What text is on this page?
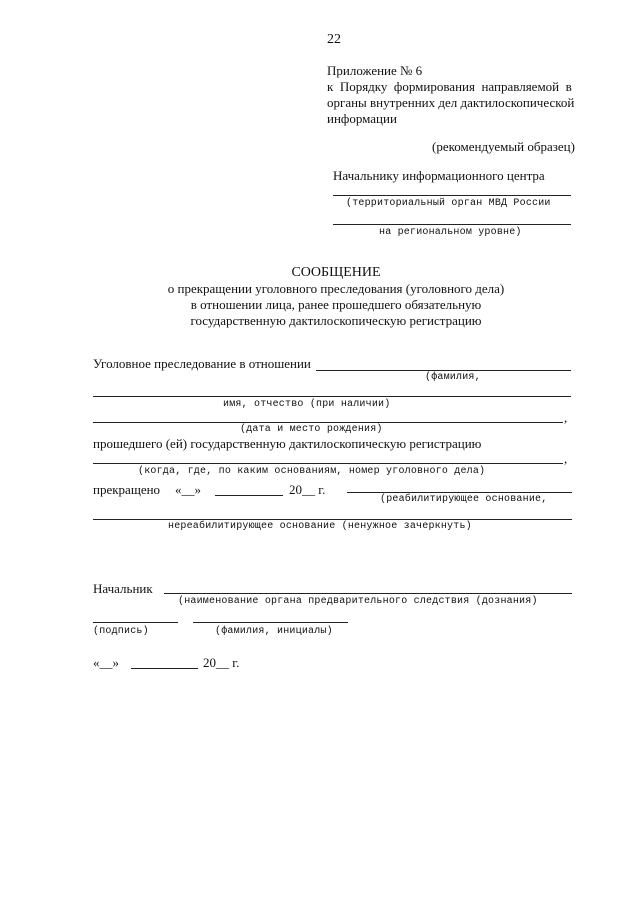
22
Приложение № 6
к  Порядку  формирования  направляемой  в
органы внутренних дел дактилоскопической
информации
(рекомендуемый образец)
Начальнику информационного центра
(территориальный орган МВД России
на региональном уровне)
СООБЩЕНИЕ
о прекращении уголовного преследования (уголовного дела)
в отношении лица, ранее прошедшего обязательную
государственную дактилоскопическую регистрацию
Уголовное преследование в отношении
(фамилия,
имя, отчество (при наличии)
,
(дата и место рождения)
прошедшего (ей) государственную дактилоскопическую регистрацию
,
(когда, где, по каким основаниям, номер уголовного дела)
прекращено «__»	20__ г.
(реабилитирующее основание,
нереабилитирующее основание (ненужное зачеркнуть)
Начальник
(наименование органа предварительного следствия (дознания)
(подпись)	(фамилия, инициалы)
«__»	20__ г.
